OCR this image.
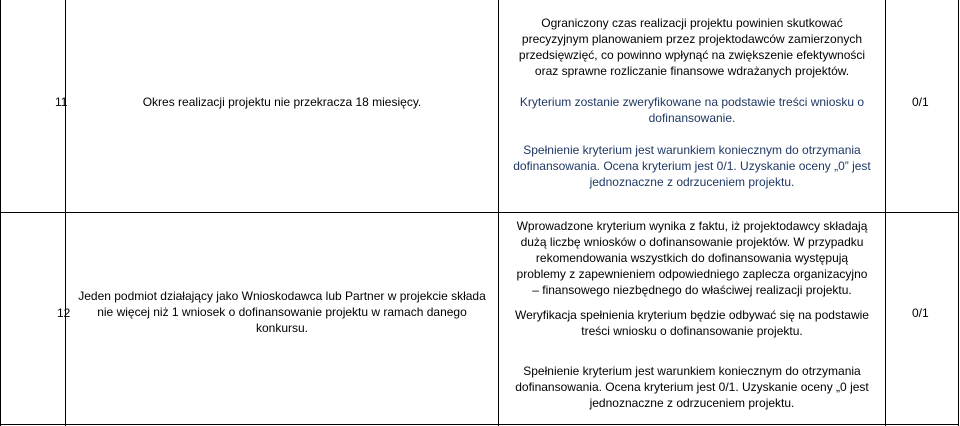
Ograniczony czas realizacji projektu powinien skutkować
precyzyjnym planowaniem przez projektodawców zamierzonych
przedsięwzięć, co powinno wpłynąć na zwiększenie efektywności
oraz sprawne rozliczanie finansowe wdrażanych projektów.
11	Okres realizacji projektu nie przekracza 18 miesięcy.	Kryterium zostanie zweryfikowane na podstawie treści wniosku o
dofinansowanie.
Spełnienie kryterium jest warunkiem koniecznym do otrzymania
dofinansowania. Ocena kryterium jest 0/1. Uzyskanie oceny „0” jest
jednoznaczne z odrzuceniem projektu.
0/1
12
Jeden podmiot działający jako Wnioskodawca lub Partner w projekcie składa
nie więcej niż 1 wniosek o dofinansowanie projektu w ramach danego
konkursu.
Wprowadzone kryterium wynika z faktu, iż projektodawcy składają
dużą liczbę wniosków o dofinansowanie projektów. W przypadku
rekomendowania wszystkich do dofinansowania występują
problemy z zapewnieniem odpowiedniego zaplecza organizacyjno
– finansowego niezbędnego do właściwej realizacji projektu.
Weryfikacja spełnienia kryterium będzie odbywać się na podstawie
treści wniosku o dofinansowanie projektu.
Spełnienie kryterium jest warunkiem koniecznym do otrzymania
dofinansowania. Ocena kryterium jest 0/1. Uzyskanie oceny „0 jest
jednoznaczne z odrzuceniem projektu.
0/1
